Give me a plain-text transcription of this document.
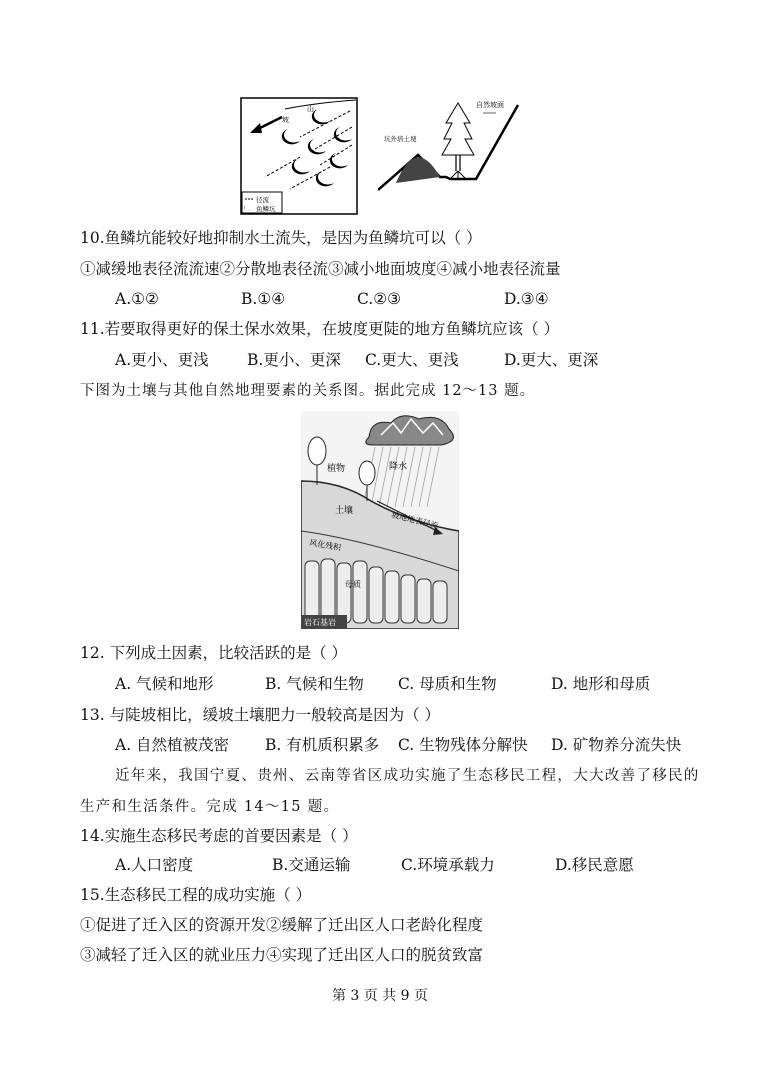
坡
山
径流
鱼鳞坑
自然坡面
坑外培土埂
10.鱼鳞坑能较好地抑制水土流失，是因为鱼鳞坑可以（ ）
①减缓地表径流流速②分散地表径流③减小地面坡度④减小地表径流量
A.①②	B.①④	C.②③	D.③④
11.若要取得更好的保土保水效果，在坡度更陡的地方鱼鳞坑应该（ ）
A.更小、更浅 B.更小、更深 C.更大、更浅	D.更大、更深
下图为土壤与其他自然地理要素的关系图。据此完成 12～13 题。
植物	降水
土壤
坡地地表径流
风化残积
母质
岩石基岩
12. 下列成土因素，比较活跃的是（ ）
A. 气候和地形	B. 气候和生物 C. 母质和生物	D. 地形和母质
13. 与陡坡相比，缓坡土壤肥力一般较高是因为（ ）
A. 自然植被茂密 B. 有机质积累多 C. 生物残体分解快 D. 矿物养分流失快
近年来，我国宁夏、贵州、云南等省区成功实施了生态移民工程，大大改善了移民的
生产和生活条件。完成 14～15 题。
14.实施生态移民考虑的首要因素是（ ）
A.人口密度	B.交通运输	C.环境承载力	D.移民意愿
15.生态移民工程的成功实施（ ）
①促进了迁入区的资源开发②缓解了迁出区人口老龄化程度
③减轻了迁入区的就业压力④实现了迁出区人口的脱贫致富
第 3 页 共 9 页
